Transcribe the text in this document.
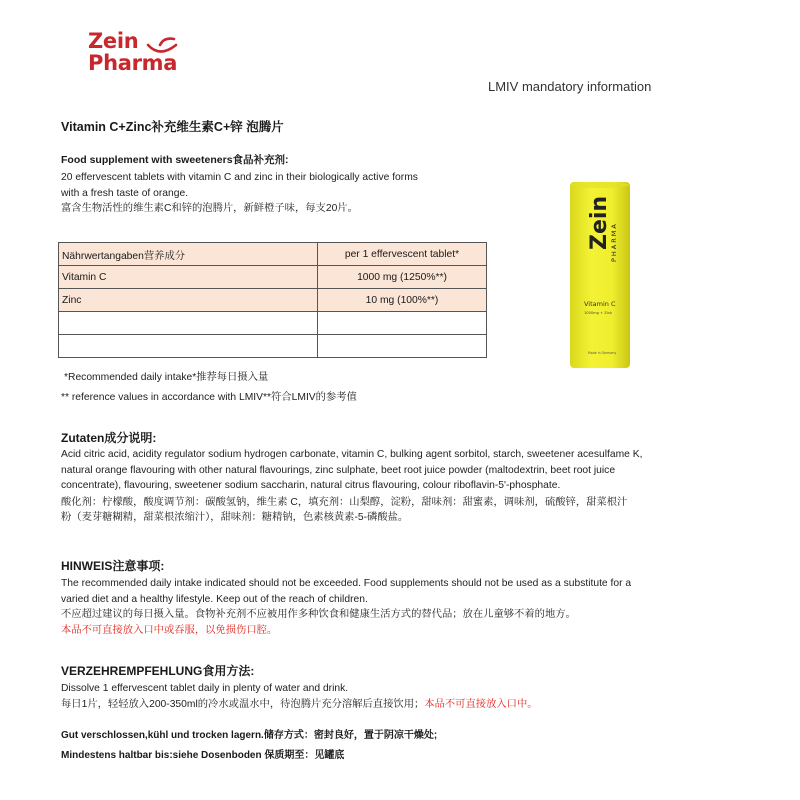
Zein
Pharma
LMIV mandatory information
Vitamin C+Zinc补充维生素C+锌 泡腾片
Food supplement with sweeteners食品补充剂:
20 effervescent tablets with vitamin C and zinc in their biologically active forms
with a fresh taste of orange.
富含生物活性的维生素C和锌的泡腾片，新鲜橙子味，每支20片。
Nährwertangaben营养成分	per 1 effervescent tablet*
Vitamin C	1000 mg (1250%**)
Zinc	10 mg (100%**)

*Recommended daily intake*推荐每日摄入量
** reference values in accordance with LMIV**符合LMIV的参考值
Zein
PHARMA
Vitamin C
1000mg + Zink
Made in Germany
Zutaten成分说明:
Acid citric acid, acidity regulator sodium hydrogen carbonate, vitamin C, bulking agent sorbitol, starch, sweetener acesulfame K,
natural orange flavouring with other natural flavourings, zinc sulphate, beet root juice powder (maltodextrin, beet root juice
concentrate), flavouring, sweetener sodium saccharin, natural citrus flavouring, colour riboflavin-5'-phosphate.
酸化剂：柠檬酸，酸度调节剂：碳酸氢钠，维生素 C，填充剂：山梨醇，淀粉，甜味剂：甜蜜素，调味剂，硫酸锌，甜菜根汁
粉（麦芽糖糊精，甜菜根浓缩汁），甜味剂：糖精钠，色素核黄素-5-磷酸盐。
HINWEIS注意事项:
The recommended daily intake indicated should not be exceeded. Food supplements should not be used as a substitute for a
varied diet and a healthy lifestyle. Keep out of the reach of children.
不应超过建议的每日摄入量。食物补充剂不应被用作多种饮食和健康生活方式的替代品；放在儿童够不着的地方。
本品不可直接放入口中或吞服，以免损伤口腔。
VERZEHREMPFEHLUNG食用方法:
Dissolve 1 effervescent tablet daily in plenty of water and drink.
每日1片，轻轻放入200-350ml的冷水或温水中，待泡腾片充分溶解后直接饮用；本品不可直接放入口中。
Gut verschlossen,kühl und trocken lagern.储存方式：密封良好，置于阴凉干燥处;
Mindestens haltbar bis:siehe Dosenboden 保质期至：见罐底
